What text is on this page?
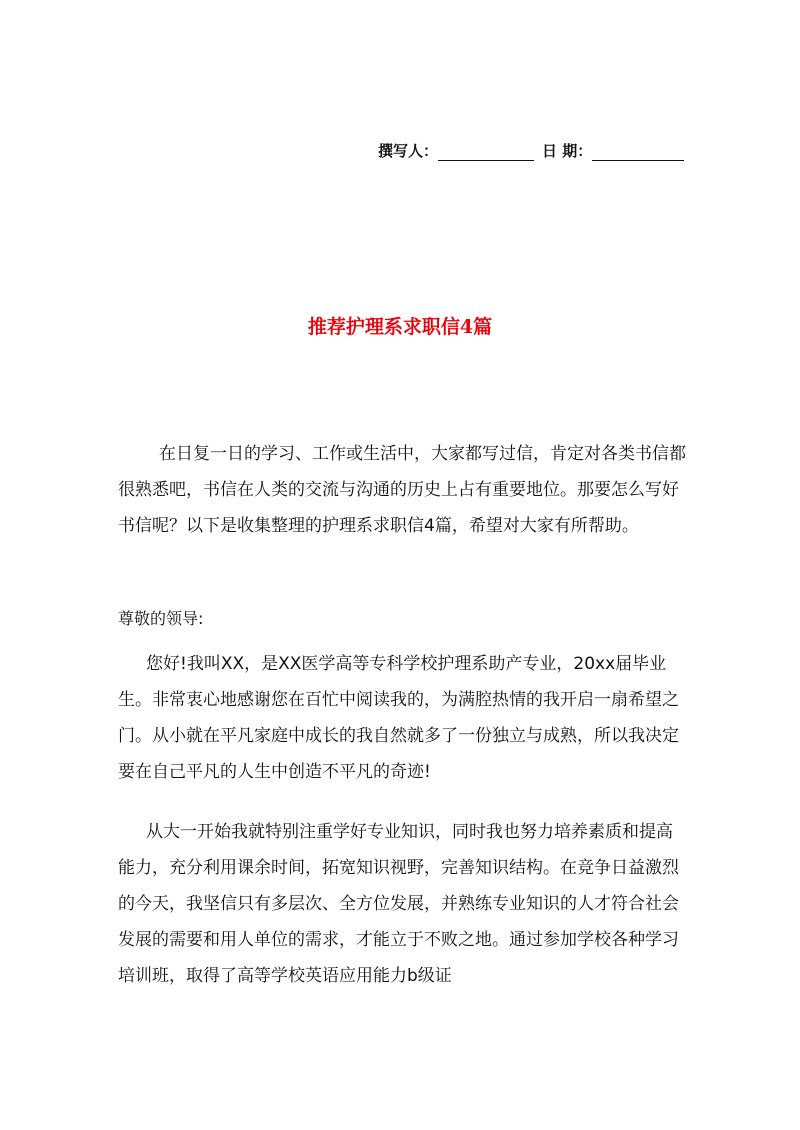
撰写人：	日 期：
推荐护理系求职信4篇

在日复一日的学习、工作或生活中，大家都写过信，肯定对各类书信都很熟悉吧，书信在人类的交流与沟通的历史上占有重要地位。那要怎么写好书信呢？以下是收集整理的护理系求职信4篇，希望对大家有所帮助。

尊敬的领导:

您好!我叫XX，是XX医学高等专科学校护理系助产专业，20xx届毕业生。非常衷心地感谢您在百忙中阅读我的，为满腔热情的我开启一扇希望之门。从小就在平凡家庭中成长的我自然就多了一份独立与成熟，所以我决定要在自己平凡的人生中创造不平凡的奇迹!

从大一开始我就特别注重学好专业知识，同时我也努力培养素质和提高能力，充分利用课余时间，拓宽知识视野，完善知识结构。在竞争日益激烈的今天，我坚信只有多层次、全方位发展，并熟练专业知识的人才符合社会发展的需要和用人单位的需求，才能立于不败之地。通过参加学校各种学习培训班，取得了高等学校英语应用能力b级证
